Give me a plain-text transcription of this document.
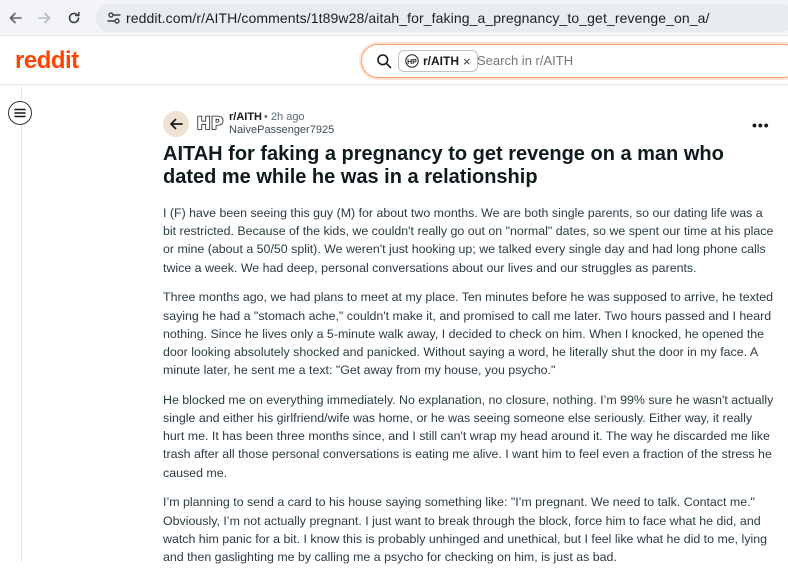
reddit.com/r/AITH/comments/1t89w28/aitah_for_faking_a_pregnancy_to_get_revenge_on_a/
reddit	HP r/AITH ×
Search in r/AITH
HP r/AITH • 2h ago
NaivePassenger7925	•••
AITAH for faking a pregnancy to get revenge on a man who dated me while he was in a relationship

I (F) have been seeing this guy (M) for about two months. We are both single parents, so our dating life was a bit restricted. Because of the kids, we couldn't really go out on "normal" dates, so we spent our time at his place or mine (about a 50/50 split). We weren't just hooking up; we talked every single day and had long phone calls twice a week. We had deep, personal conversations about our lives and our struggles as parents.

Three months ago, we had plans to meet at my place. Ten minutes before he was supposed to arrive, he texted saying he had a "stomach ache," couldn't make it, and promised to call me later. Two hours passed and I heard nothing. Since he lives only a 5-minute walk away, I decided to check on him. When I knocked, he opened the door looking absolutely shocked and panicked. Without saying a word, he literally shut the door in my face. A minute later, he sent me a text: "Get away from my house, you psycho."

He blocked me on everything immediately. No explanation, no closure, nothing. I’m 99% sure he wasn't actually single and either his girlfriend/wife was home, or he was seeing someone else seriously. Either way, it really hurt me. It has been three months since, and I still can't wrap my head around it. The way he discarded me like trash after all those personal conversations is eating me alive. I want him to feel even a fraction of the stress he caused me.

I’m planning to send a card to his house saying something like: "I’m pregnant. We need to talk. Contact me." Obviously, I’m not actually pregnant. I just want to break through the block, force him to face what he did, and watch him panic for a bit. I know this is probably unhinged and unethical, but I feel like what he did to me, lying and then gaslighting me by calling me a psycho for checking on him, is just as bad.
